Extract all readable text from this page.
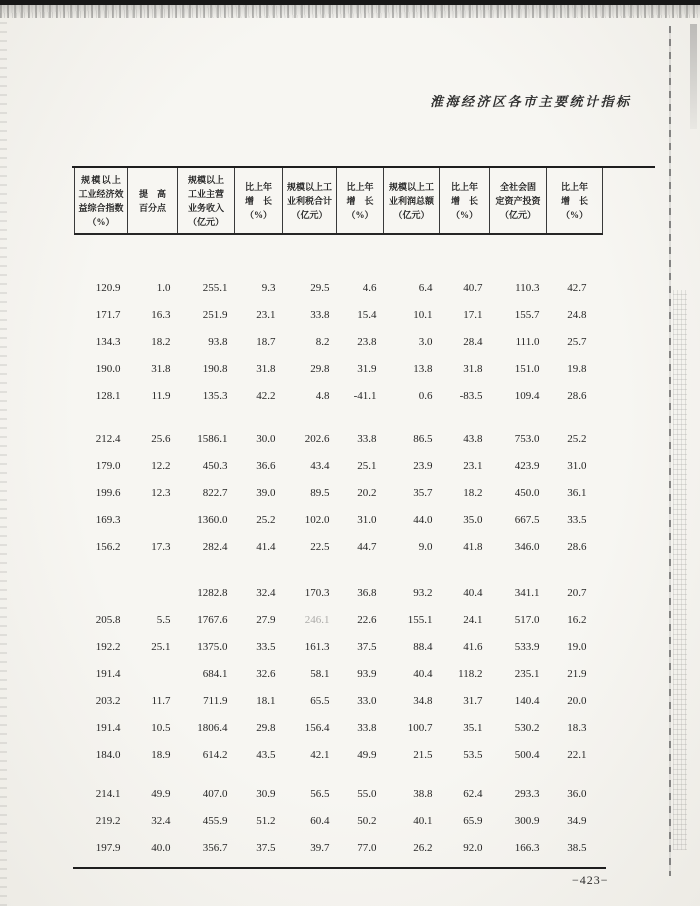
淮海经济区各市主要统计指标
规 模 以 上
工业经济效
益综合指数
（%）	提　高
百分点	规模以上
工业主营
业务收入
（亿元）	比上年
增　长
（%）	规模以上工
业利税合计
（亿元）	比上年
增　长
（%）	规模以上工
业利润总额
（亿元）	比上年
增　长
（%）	全社会固
定资产投资
（亿元）	比上年
增　长
（%）

120.9	1.0	255.1	9.3	29.5	4.6	6.4	40.7	110.3	42.7
171.7	16.3	251.9	23.1	33.8	15.4	10.1	17.1	155.7	24.8
134.3	18.2	93.8	18.7	8.2	23.8	3.0	28.4	111.0	25.7
190.0	31.8	190.8	31.8	29.8	31.9	13.8	31.8	151.0	19.8
128.1	11.9	135.3	42.2	4.8	-41.1	0.6	-83.5	109.4	28.6

212.4	25.6	1586.1	30.0	202.6	33.8	86.5	43.8	753.0	25.2
179.0	12.2	450.3	36.6	43.4	25.1	23.9	23.1	423.9	31.0
199.6	12.3	822.7	39.0	89.5	20.2	35.7	18.2	450.0	36.1
169.3		1360.0	25.2	102.0	31.0	44.0	35.0	667.5	33.5
156.2	17.3	282.4	41.4	22.5	44.7	9.0	41.8	346.0	28.6

		1282.8	32.4	170.3	36.8	93.2	40.4	341.1	20.7
205.8	5.5	1767.6	27.9	246.1	22.6	155.1	24.1	517.0	16.2
192.2	25.1	1375.0	33.5	161.3	37.5	88.4	41.6	533.9	19.0
191.4		684.1	32.6	58.1	93.9	40.4	118.2	235.1	21.9
203.2	11.7	711.9	18.1	65.5	33.0	34.8	31.7	140.4	20.0
191.4	10.5	1806.4	29.8	156.4	33.8	100.7	35.1	530.2	18.3
184.0	18.9	614.2	43.5	42.1	49.9	21.5	53.5	500.4	22.1

214.1	49.9	407.0	30.9	56.5	55.0	38.8	62.4	293.3	36.0
219.2	32.4	455.9	51.2	60.4	50.2	40.1	65.9	300.9	34.9
197.9	40.0	356.7	37.5	39.7	77.0	26.2	92.0	166.3	38.5
−423−
